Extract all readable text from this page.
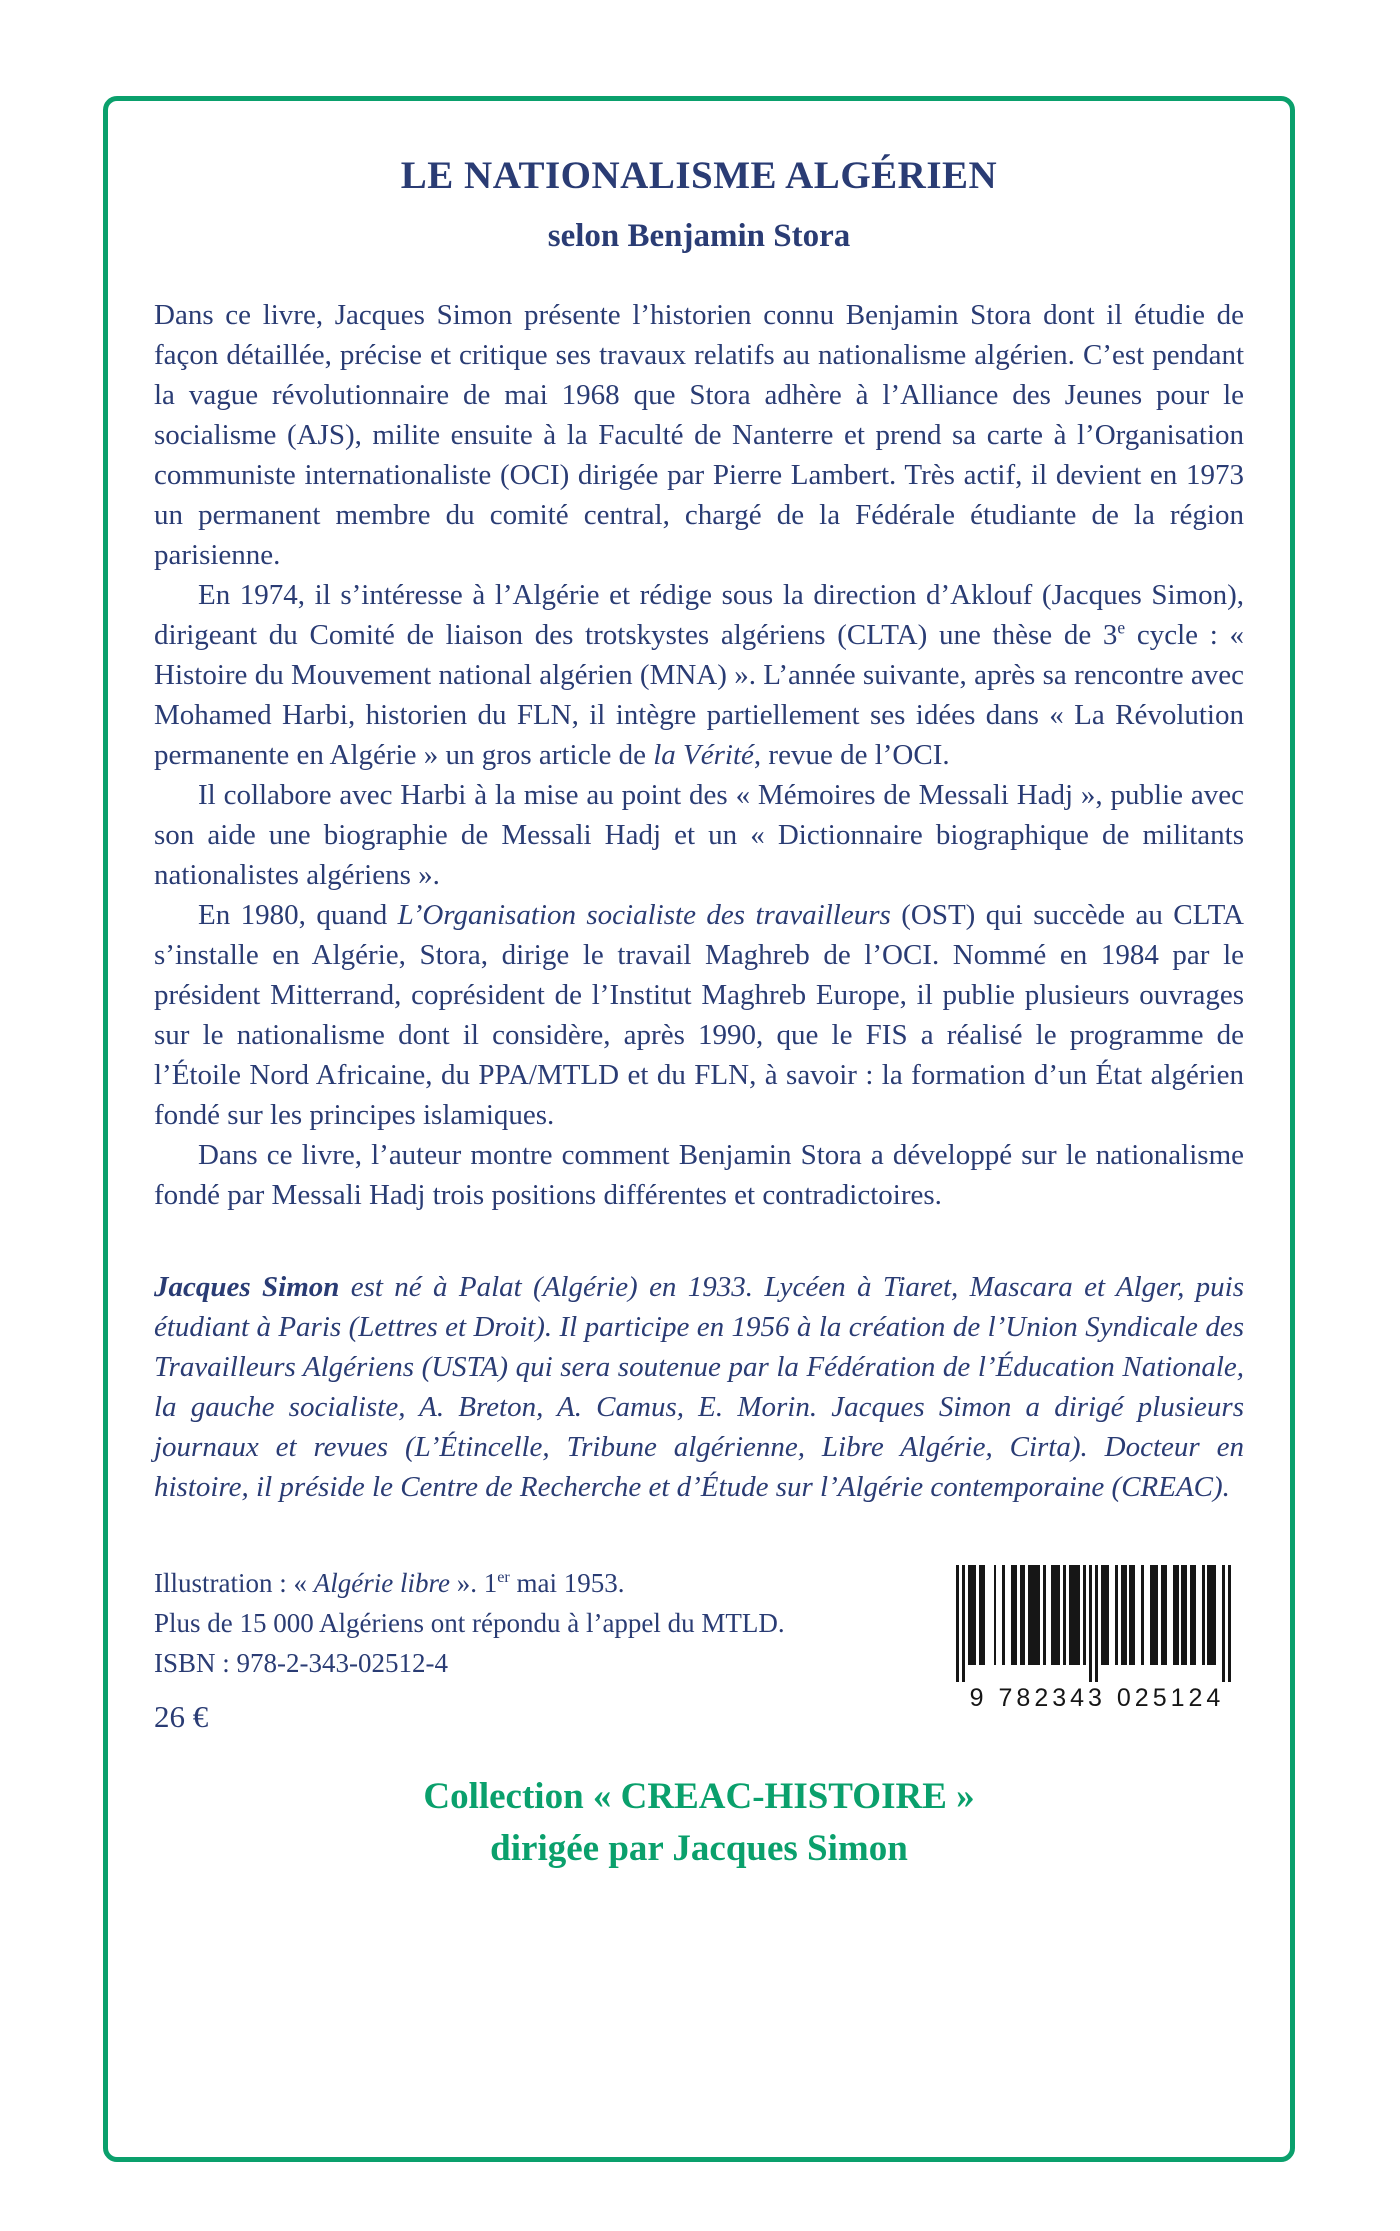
LE NATIONALISME ALGÉRIEN
selon Benjamin Stora

Dans ce livre, Jacques Simon présente l’historien connu Benjamin Stora dont il étudie de façon détaillée, précise et critique ses travaux relatifs au nationalisme algérien. C’est pendant la vague révolutionnaire de mai 1968 que Stora adhère à l’Alliance des Jeunes pour le socialisme (AJS), milite ensuite à la Faculté de Nanterre et prend sa carte à l’Organisation communiste internationaliste (OCI) dirigée par Pierre Lambert. Très actif, il devient en 1973 un permanent membre du comité central, chargé de la Fédérale étudiante de la région parisienne.

En 1974, il s’intéresse à l’Algérie et rédige sous la direction d’Aklouf (Jacques Simon), dirigeant du Comité de liaison des trotskystes algériens (CLTA) une thèse de 3e cycle : « Histoire du Mouvement national algérien (MNA) ». L’année suivante, après sa rencontre avec Mohamed Harbi, historien du FLN, il intègre partiellement ses idées dans « La Révolution permanente en Algérie » un gros article de la Vérité, revue de l’OCI.

Il collabore avec Harbi à la mise au point des « Mémoires de Messali Hadj », publie avec son aide une biographie de Messali Hadj et un « Dictionnaire biographique de militants nationalistes algériens ».

En 1980, quand L’Organisation socialiste des travailleurs (OST) qui succède au CLTA s’installe en Algérie, Stora, dirige le travail Maghreb de l’OCI. Nommé en 1984 par le président Mitterrand, coprésident de l’Institut Maghreb Europe, il publie plusieurs ouvrages sur le nationalisme dont il considère, après 1990, que le FIS a réalisé le programme de l’Étoile Nord Africaine, du PPA/MTLD et du FLN, à savoir : la formation d’un État algérien fondé sur les principes islamiques.

Dans ce livre, l’auteur montre comment Benjamin Stora a développé sur le nationalisme fondé par Messali Hadj trois positions différentes et contradictoires.

Jacques Simon est né à Palat (Algérie) en 1933. Lycéen à Tiaret, Mascara et Alger, puis étudiant à Paris (Lettres et Droit). Il participe en 1956 à la création de l’Union Syndicale des Travailleurs Algériens (USTA) qui sera soutenue par la Fédération de l’Éducation Nationale, la gauche socialiste, A. Breton, A. Camus, E. Morin. Jacques Simon a dirigé plusieurs journaux et revues (L’Étincelle, Tribune algérienne, Libre Algérie, Cirta). Docteur en histoire, il préside le Centre de Recherche et d’Étude sur l’Algérie contemporaine (CREAC).

Illustration : « Algérie libre ». 1er mai 1953.

Plus de 15 000 Algériens ont répondu à l’appel du MTLD.

ISBN : 978-2-343-02512-4

26 €

9 782343 025124

Collection « CREAC-HISTOIRE »

dirigée par Jacques Simon
